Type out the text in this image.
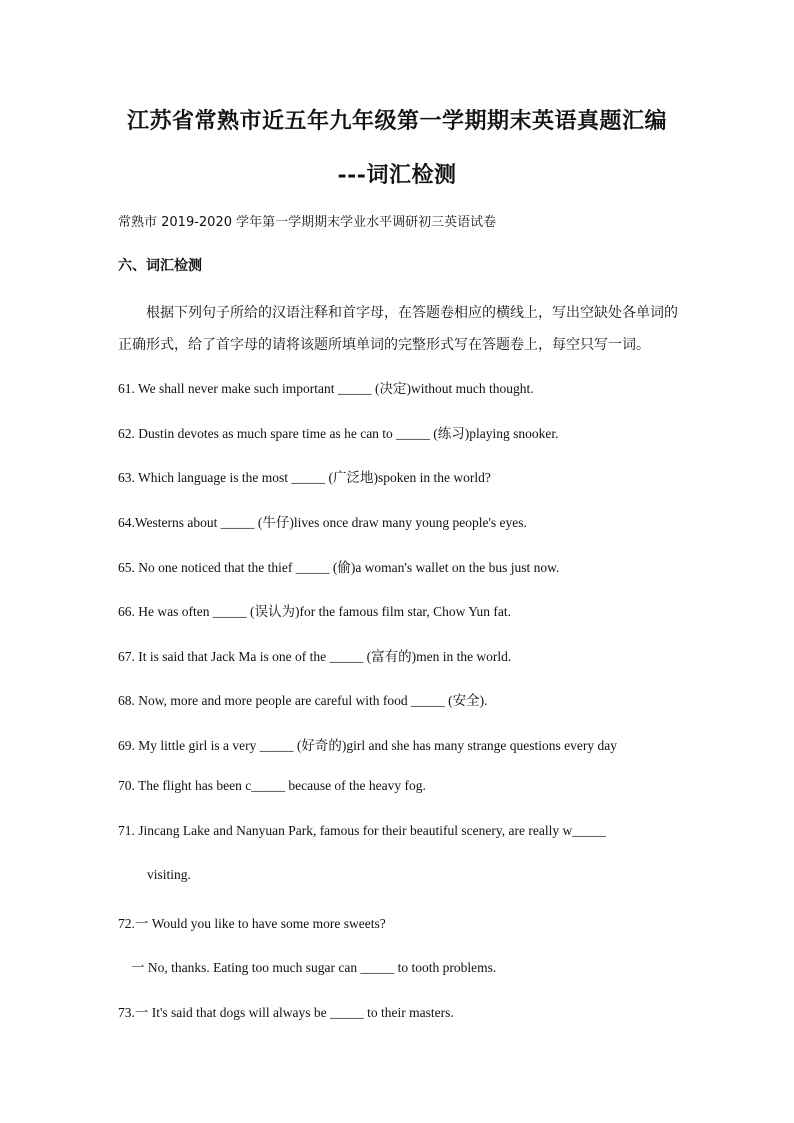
江苏省常熟市近五年九年级第一学期期末英语真题汇编
---词汇检测
常熟市 2019-2020 学年第一学期期末学业水平调研初三英语试卷
六、词汇检测
根据下列句子所给的汉语注释和首字母，在答题卷相应的横线上，写出空缺处各单词的正确形式，给了首字母的请将该题所填单词的完整形式写在答题卷上，每空只写一词。
61. We shall never make such important _____ (决定)without much thought.
62. Dustin devotes as much spare time as he can to _____ (练习)playing snooker.
63. Which language is the most _____ (广泛地)spoken in the world?
64.Westerns about _____ (牛仔)lives once draw many young people's eyes.
65. No one noticed that the thief _____ (偷)a woman's wallet on the bus just now.
66. He was often _____ (误认为)for the famous film star, Chow Yun fat.
67. It is said that Jack Ma is one of the _____ (富有的)men in the world.
68. Now, more and more people are careful with food _____ (安全).
69. My little girl is a very _____ (好奇的)girl and she has many strange questions every day
70. The flight has been c_____ because of the heavy fog.
71. Jincang Lake and Nanyuan Park, famous for their beautiful scenery, are really w_____
visiting.
72.一 Would you like to have some more sweets?
一 No, thanks. Eating too much sugar can _____ to tooth problems.
73.一 It's said that dogs will always be _____ to their masters.
